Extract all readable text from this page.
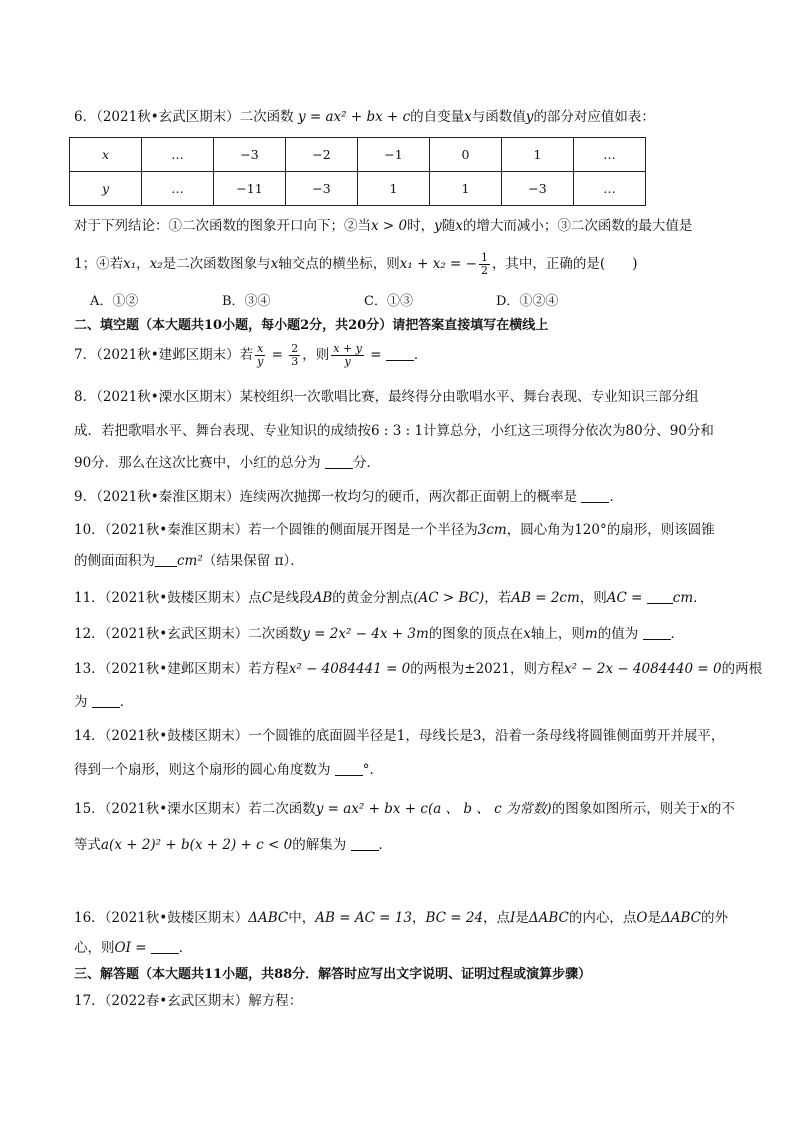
6．（2021秋•玄武区期末）二次函数 y = ax² + bx + c的自变量x与函数值y的部分对应值如表：
x	…	−3	−2	−1	0	1	…
y	…	−11	−3	1	1	−3	…
对于下列结论：①二次函数的图象开口向下；②当x > 0时，y随x的增大而减小；③二次函数的最大值是
1；④若x₁，x₂是二次函数图象与x轴交点的横坐标，则x₁ + x₂ = − $\frac{1}{2}$ ，其中，正确的是(　　)
A．①②	B．③④	C．①③	D．①②④
二、填空题（本大题共10小题，每小题2分，共20分）请把答案直接填写在横线上
7．（2021秋•建邺区期末）若 $\frac{x}{y} = \frac{2}{3}$ ，则 $\frac{x + y}{y}$ = ．
8．（2021秋•溧水区期末）某校组织一次歌唱比赛，最终得分由歌唱水平、舞台表现、专业知识三部分组
成．若把歌唱水平、舞台表现、专业知识的成绩按6 : 3 : 1计算总分，小红这三项得分依次为80分、90分和
90分．那么在这次比赛中，小红的总分为 分．
9．（2021秋•秦淮区期末）连续两次抛掷一枚均匀的硬币，两次都正面朝上的概率是 ．
10．（2021秋•秦淮区期末）若一个圆锥的侧面展开图是一个半径为3cm，圆心角为120°的扇形，则该圆锥
的侧面面积为 cm²（结果保留 π）．
11．（2021秋•鼓楼区期末）点C是线段AB的黄金分割点(AC > BC)，若AB = 2cm，则AC = cm．
12．（2021秋•玄武区期末）二次函数y = 2x² − 4x + 3m的图象的顶点在x轴上，则m的值为 ．
13．（2021秋•建邺区期末）若方程x² − 4084441 = 0的两根为±2021，则方程x² − 2x − 4084440 = 0的两根
为 ．
14．（2021秋•鼓楼区期末）一个圆锥的底面圆半径是1，母线长是3，沿着一条母线将圆锥侧面剪开并展平，
得到一个扇形，则这个扇形的圆心角度数为 °．
15．（2021秋•溧水区期末）若二次函数y = ax² + bx + c(a 、 b 、 c 为常数)的图象如图所示，则关于x的不
等式a(x + 2)² + b(x + 2) + c < 0的解集为 ．
16．（2021秋•鼓楼区期末）ΔABC中，AB = AC = 13，BC = 24，点I是ΔABC的内心，点O是ΔABC的外
心，则OI = ．
三、解答题（本大题共11小题，共88分．解答时应写出文字说明、证明过程或演算步骤）
17．（2022春•玄武区期末）解方程：
